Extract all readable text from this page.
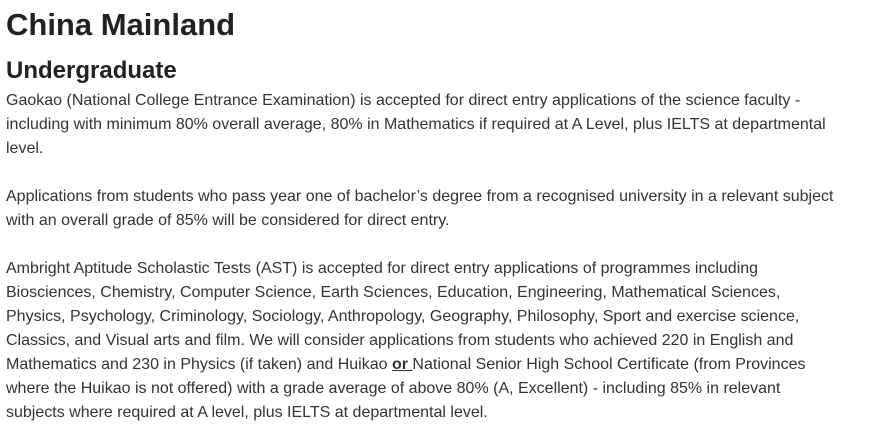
China Mainland
Undergraduate

Gaokao (National College Entrance Examination) is accepted for direct entry applications of the science faculty - including with minimum 80% overall average, 80% in Mathematics if required at A Level, plus IELTS at departmental level.

Applications from students who pass year one of bachelor’s degree from a recognised university in a relevant subject with an overall grade of 85% will be considered for direct entry.

Ambright Aptitude Scholastic Tests (AST) is accepted for direct entry applications of programmes including Biosciences, Chemistry, Computer Science, Earth Sciences, Education, Engineering, Mathematical Sciences, Physics, Psychology, Criminology, Sociology, Anthropology, Geography, Philosophy, Sport and exercise science, Classics, and Visual arts and film. We will consider applications from students who achieved 220 in English and Mathematics and 230 in Physics (if taken) and Huikao or National Senior High School Certificate (from Provinces where the Huikao is not offered) with a grade average of above 80% (A, Excellent) - including 85% in relevant subjects where required at A level, plus IELTS at departmental level.
